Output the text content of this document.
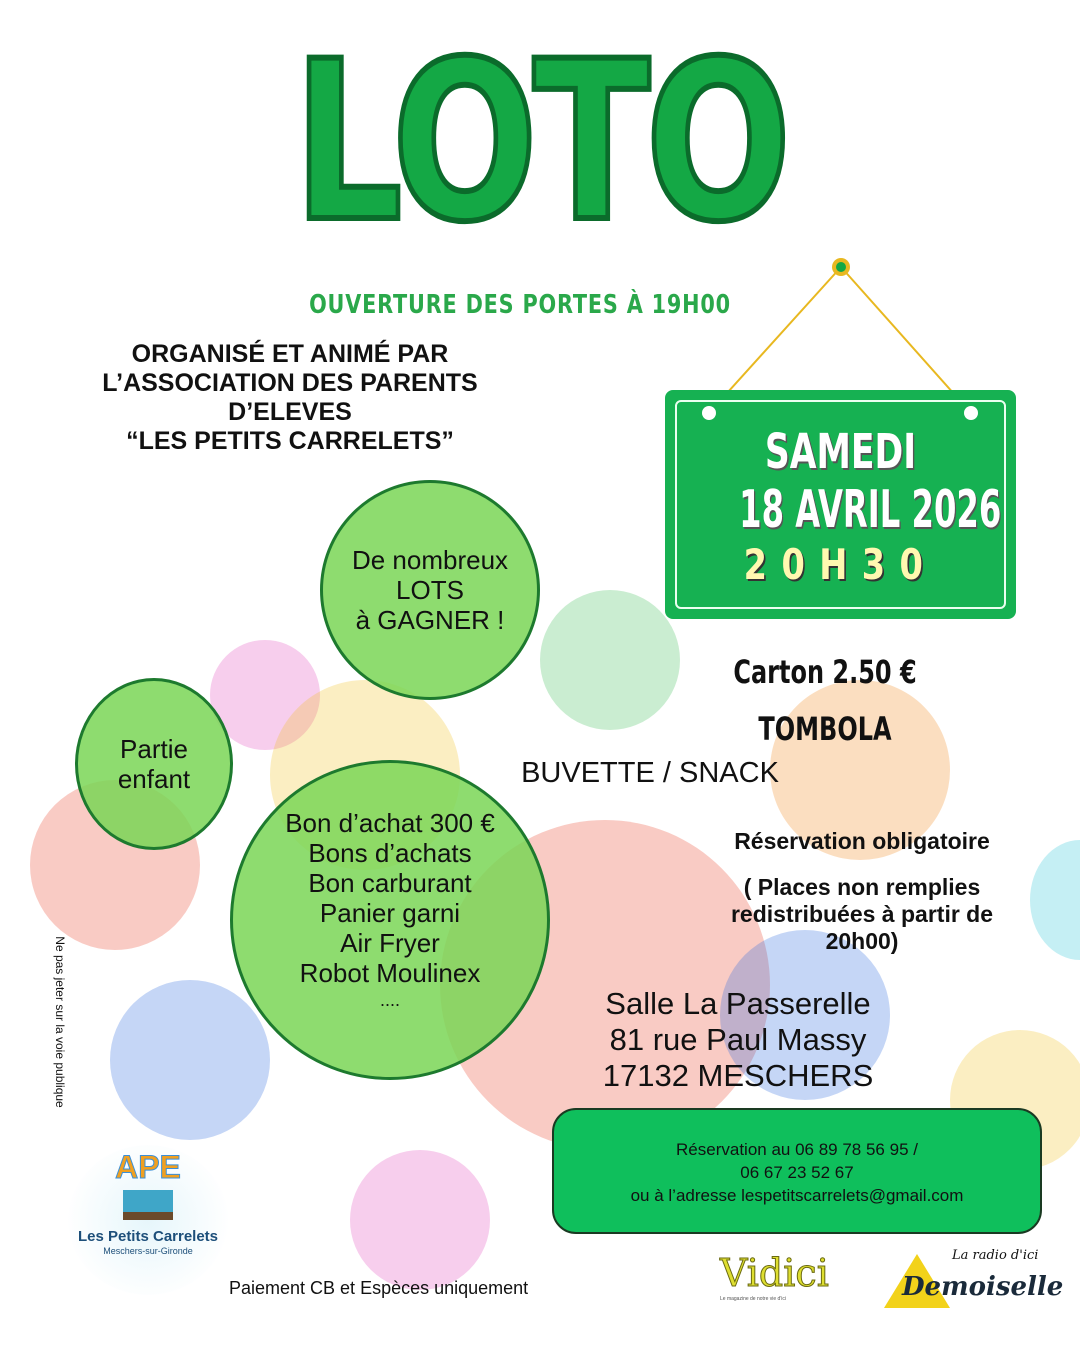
LOTO
OUVERTURE DES PORTES À 19H00
ORGANISÉ ET ANIMÉ PAR
L’ASSOCIATION DES PARENTS
D’ELEVES
“LES PETITS CARRELETS”	SAMEDI
18 AVRIL 2026
20H30
De nombreux
LOTS
à GAGNER !
Partie
enfant
Bon d’achat 300 €
Bons d’achats
Bon carburant
Panier garni
Air Fryer
Robot Moulinex
....
Carton 2.50 €
TOMBOLA
BUVETTE / SNACK
Réservation obligatoire
( Places non remplies
redistribuées à partir de
20h00)
Salle La Passerelle
81 rue Paul Massy
17132 MESCHERS
Réservation au 06 89 78 56 95 /
06 67 23 52 67
ou à l’adresse lespetitscarrelets@gmail.com
Ne pas jeter sur la voie publique
APE
Les Petits Carrelets
Meschers-sur-Gironde
Paiement CB et Espèces uniquement	Vidici
Le magazine de notre vie d'ici
La radio d'ici
Demoiselle
